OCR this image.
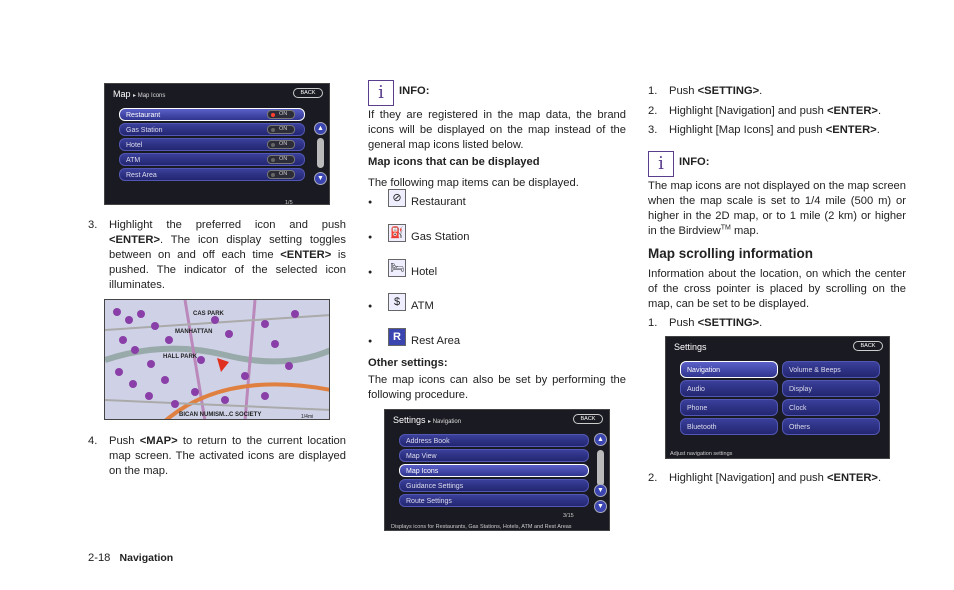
Map ▸ Map Icons	BACK
Restaurant	ON
Gas Station	ON
Hotel	ON
ATM	ON
Rest Area	ON
▲
▼
1/5
3. Highlight the preferred icon and push <ENTER>. The icon display setting toggles between on and off each time <ENTER> is pushed. The indicator of the selected icon illuminates.
CAS PARK
MANHATTAN
HALL PARK
BICAN NUMISM...C SOCIETY	1/4mi
4. Push <MAP> to return to the current location map screen. The activated icons are displayed on the map.
i	INFO:
If they are registered in the map data, the brand icons will be displayed on the map instead of the general map icons listed below.
Map icons that can be displayed
The following map items can be displayed.
●	⊘ Restaurant
● ⛽ Gas Station
● 🛏 Hotel
●	$ ATM
●	R Rest Area
Other settings:
The map icons can also be set by performing the following procedure.
Settings ▸ Navigation	BACK
Address Book
Map View
Map Icons
Guidance Settings
Route Settings
▲
▼
▼
3/15
Displays icons for Restaurants, Gas Stations, Hotels, ATM and Rest Areas
1. Push <SETTING>.
2. Highlight [Navigation] and push <ENTER>.
3. Highlight [Map Icons] and push <ENTER>.
i	INFO:
The map icons are not displayed on the map screen when the map scale is set to 1/4 mile (500 m) or higher in the 2D map, or to 1 mile (2 km) or higher in the Birdview™ map.
Map scrolling information
Information about the location, on which the center of the cross pointer is placed by scrolling on the map, can be set to be displayed.
1. Push <SETTING>.
Settings	BACK
Navigation
Audio
Phone
Bluetooth
Volume & Beeps
Display
Clock
Others
Adjust navigation settings
2. Highlight [Navigation] and push <ENTER>.
2-18 Navigation
